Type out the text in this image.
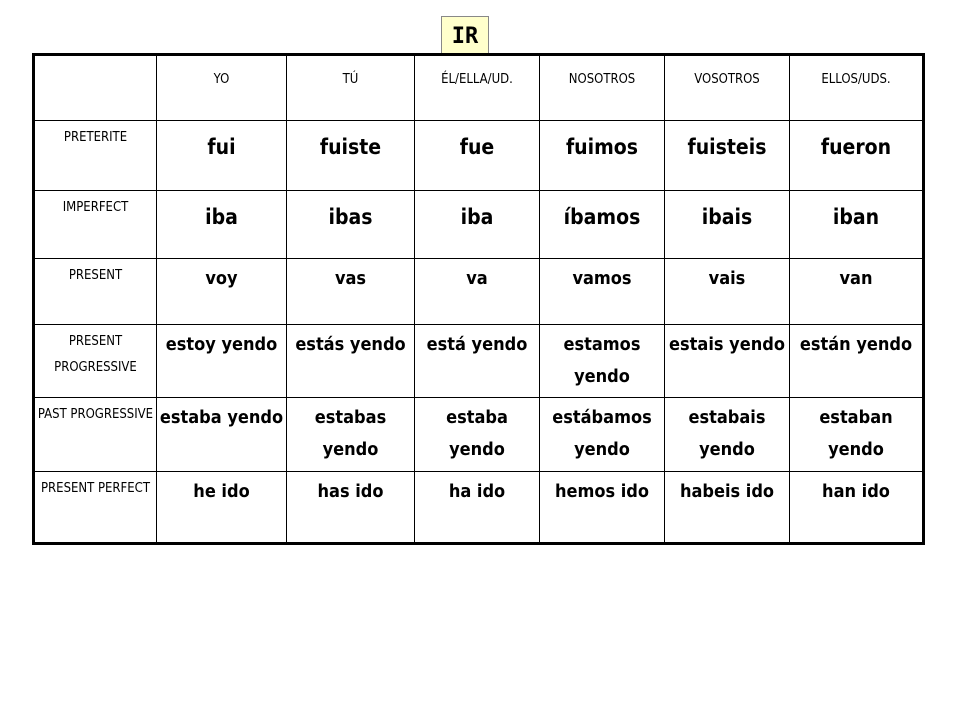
IR
	YO	TÚ	ÉL/ELLA/UD.	NOSOTROS	VOSOTROS	ELLOS/UDS.
PRETERITE	fui	fuiste	fue	fuimos	fuisteis	fueron
IMPERFECT	iba	ibas	iba	íbamos	ibais	iban
PRESENT	voy	vas	va	vamos	vais	van
PRESENT PROGRESSIVE	estoy yendo	estás yendo	está yendo	estamos yendo	estais yendo	están yendo
PAST PROGRESSIVE	estaba yendo	estabas yendo	estaba yendo	estábamos yendo	estabais yendo	estaban yendo
PRESENT PERFECT	he ido	has ido	ha ido	hemos ido	habeis ido	han ido
